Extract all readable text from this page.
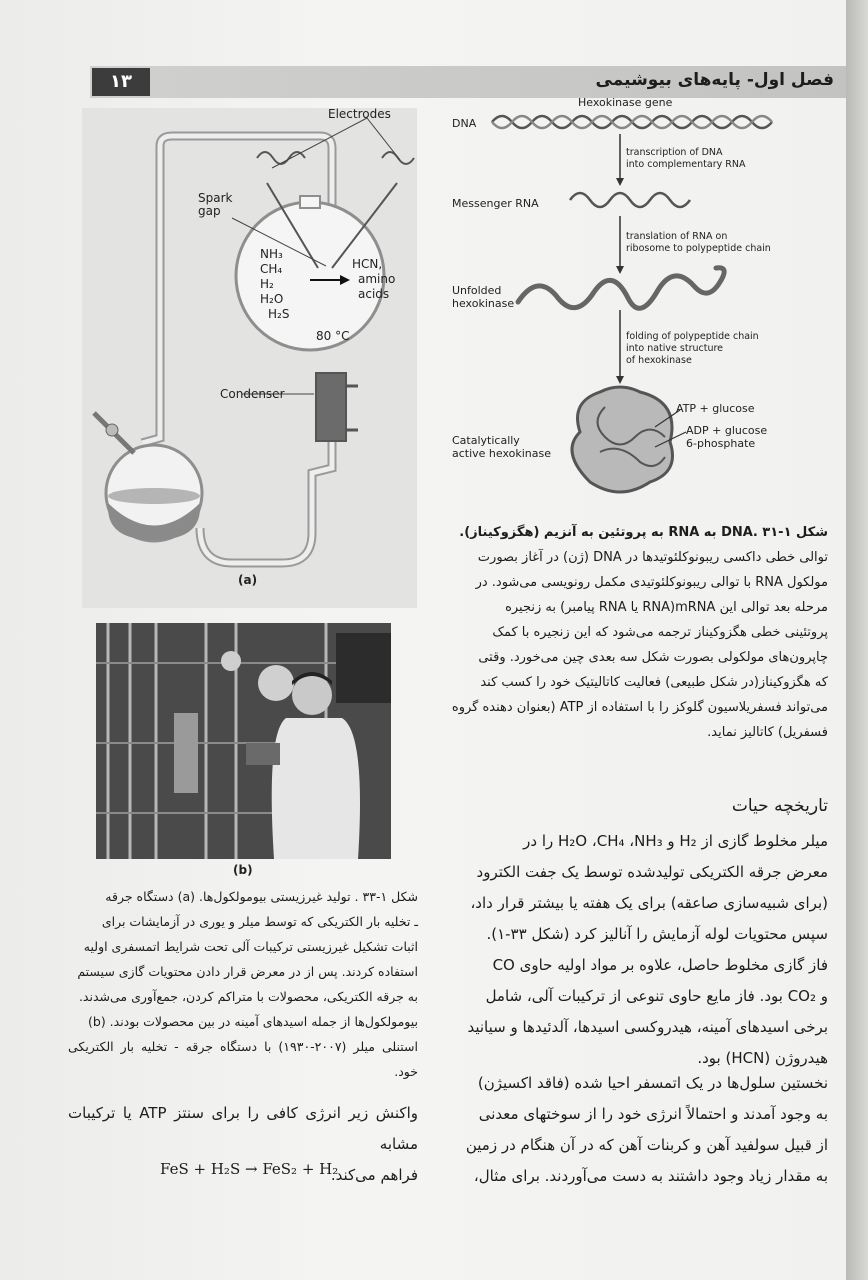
۱۳	فصل اول- پایه‌های بیوشیمی
Electrodes
Spark gap
NH₃
CH₄
H₂
H₂O
H₂S
HCN,
amino
acids
80 °C
Condenser
(a)
(b)
Hexokinase gene
DNA
transcription of DNA
into complementary RNA
Messenger RNA
translation of RNA on
ribosome to polypeptide chain
Unfolded
hexokinase
folding of polypeptide chain
into native structure
of hexokinase
Catalytically
active hexokinase
ATP + glucose
ADP + glucose
6-phosphate
شکل ۱-۳۱ .DNA به RNA به پروتئین به آنزیم (هگزوکیناز).
توالی خطی داکسی ریبونوکلئوتیدها در DNA (ژن) در آغاز بصورت
مولکول RNA با توالی ریبونوکلئوتیدی مکمل رونویسی می‌شود. در
مرحله بعد توالی این mRNA(RNA یا RNA پیامبر) به زنجیره
پروتئینی خطی هگزوکیناز ترجمه می‌شود که این زنجیره با کمک
چاپرون‌های مولکولی بصورت شکل سه بعدی چین می‌خورد. وقتی
که هگزوکیناز(در شکل طبیعی) فعالیت کاتالیتیک خود را کسب کند
می‌تواند فسفریلاسیون گلوکز را با استفاده از ATP (بعنوان دهنده گروه
فسفریل) کاتالیز نماید.
شکل ۱-۳۳ . تولید غیرزیستی بیومولکول‌ها. (a) دستگاه جرقه
ـ تخلیه بار الکتریکی که توسط میلر و یوری در آزمایشات برای
اثبات تشکیل غیرزیستی ترکیبات آلی تحت شرایط اتمسفری اولیه
استفاده کردند. پس از در معرض قرار دادن محتویات گازی سیستم
به جرقه الکتریکی، محصولات با متراکم کردن، جمع‌آوری می‌شدند.
بیومولکول‌ها از جمله اسیدهای آمینه در بین محصولات بودند. (b)
استنلی میلر (۲۰۰۷-۱۹۳۰) با دستگاه جرقه - تخلیه بار الکتریکی خود.
واکنش زیر انرژی کافی را برای سنتز ATP یا ترکیبات مشابه
فراهم می‌کند.
FeS + H₂S → FeS₂ + H₂
تاریخچه حیات
میلر مخلوط گازی از H₂ و H₂O ،CH₄ ،NH₃ را در
معرض جرقه الکتریکی تولیدشده توسط یک جفت الکترود
(برای شبیه‌سازی صاعقه) برای یک هفته یا بیشتر قرار داد،
سپس محتویات لوله آزمایش را آنالیز کرد (شکل ۳۳-۱).
فاز گازی مخلوط حاصل، علاوه بر مواد اولیه حاوی CO
و CO₂ بود. فاز مایع حاوی تنوعی از ترکیبات آلی، شامل
برخی اسیدهای آمینه، هیدروکسی اسیدها، آلدئیدها و سیانید
هیدروژن (HCN) بود.
نخستین سلول‌ها در یک اتمسفر احیا شده (فاقد اکسیژن)
به وجود آمدند و احتمالاً انرژی خود را از سوختهای معدنی
از قبیل سولفید آهن و کربنات آهن که در آن هنگام در زمین
به مقدار زیاد وجود داشتند به دست می‌آوردند. برای مثال،
